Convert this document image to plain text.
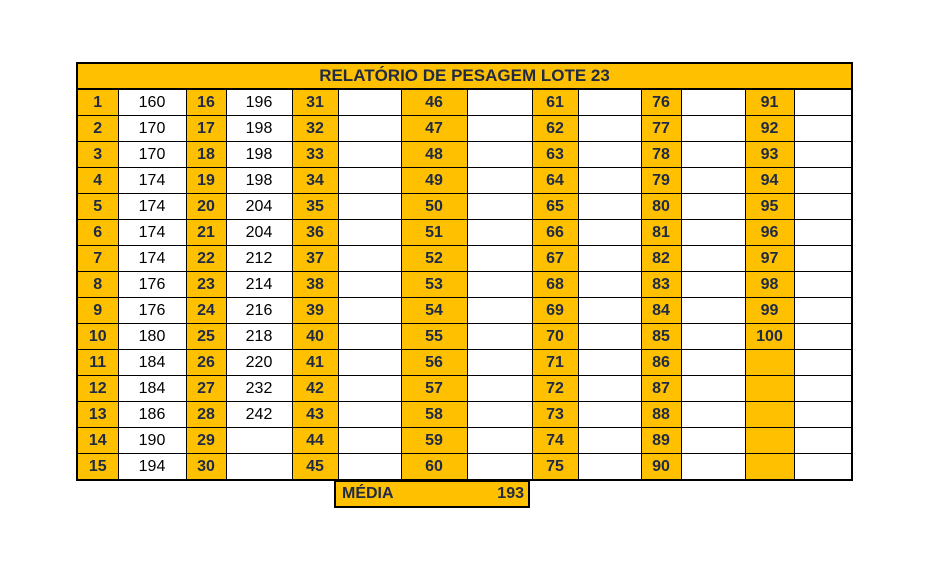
RELATÓRIO DE PESAGEM LOTE 23													
1	160	16	196	31		46		61		76		91	
2	170	17	198	32		47		62		77		92	
3	170	18	198	33		48		63		78		93	
4	174	19	198	34		49		64		79		94	
5	174	20	204	35		50		65		80		95	
6	174	21	204	36		51		66		81		96	
7	174	22	212	37		52		67		82		97	
8	176	23	214	38		53		68		83		98	
9	176	24	216	39		54		69		84		99	
10	180	25	218	40		55		70		85		100	
11	184	26	220	41		56		71		86			
12	184	27	232	42		57		72		87			
13	186	28	242	43		58		73		88			
14	190	29		44		59		74		89			
15	194	30		45		60		75		90			
MÉDIA	193
